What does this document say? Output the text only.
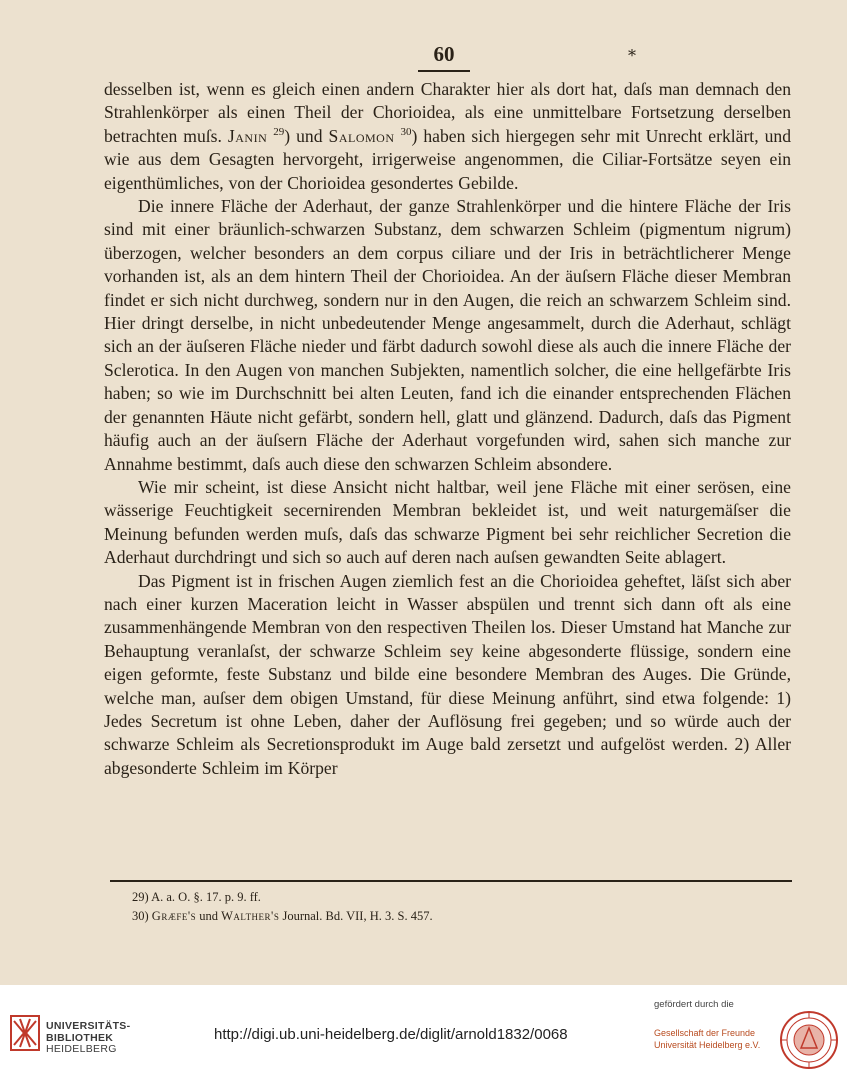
60	*

desselben ist, wenn es gleich einen andern Charakter hier als dort hat, daſs man demnach den Strahlenkörper als einen Theil der Chorioidea, als eine unmittelbare Fortsetzung derselben betrachten muſs. Janin $^{29}$) und Salomon $^{30}$) haben sich hiergegen sehr mit Unrecht erklärt, und wie aus dem Gesagten hervorgeht, irrigerweise angenommen, die Ciliar-Fortsätze seyen ein eigenthümliches, von der Chorioidea gesondertes Gebilde.

Die innere Fläche der Aderhaut, der ganze Strahlenkörper und die hintere Fläche der Iris sind mit einer bräunlich-schwarzen Substanz, dem schwarzen Schleim (pigmentum nigrum) überzogen, welcher besonders an dem corpus ciliare und der Iris in beträchtlicherer Menge vorhanden ist, als an dem hintern Theil der Chorioidea. An der äuſsern Fläche dieser Membran findet er sich nicht durchweg, sondern nur in den Augen, die reich an schwarzem Schleim sind. Hier dringt derselbe, in nicht unbedeutender Menge angesammelt, durch die Aderhaut, schlägt sich an der äuſseren Fläche nieder und färbt dadurch sowohl diese als auch die innere Fläche der Sclerotica. In den Augen von manchen Subjekten, namentlich solcher, die eine hellgefärbte Iris haben; so wie im Durchschnitt bei alten Leuten, fand ich die einander entsprechenden Flächen der genannten Häute nicht gefärbt, sondern hell, glatt und glänzend. Dadurch, daſs das Pigment häufig auch an der äuſsern Fläche der Aderhaut vorgefunden wird, sahen sich manche zur Annahme bestimmt, daſs auch diese den schwarzen Schleim absondere.

Wie mir scheint, ist diese Ansicht nicht haltbar, weil jene Fläche mit einer serösen, eine wässerige Feuchtigkeit secernirenden Membran bekleidet ist, und weit naturgemäſser die Meinung befunden werden muſs, daſs das schwarze Pigment bei sehr reichlicher Secretion die Aderhaut durchdringt und sich so auch auf deren nach auſsen gewandten Seite ablagert.

Das Pigment ist in frischen Augen ziemlich fest an die Chorioidea geheftet, läſst sich aber nach einer kurzen Maceration leicht in Wasser abspülen und trennt sich dann oft als eine zusammenhängende Membran von den respectiven Theilen los. Dieser Umstand hat Manche zur Behauptung veranlaſst, der schwarze Schleim sey keine abgesonderte flüssige, sondern eine eigen geformte, feste Substanz und bilde eine besondere Membran des Auges. Die Gründe, welche man, auſser dem obigen Umstand, für diese Meinung anführt, sind etwa folgende: 1) Jedes Secretum ist ohne Leben, daher der Auflösung frei gegeben; und so würde auch der schwarze Schleim als Secretionsprodukt im Auge bald zersetzt und aufgelöst werden. 2) Aller abgesonderte Schleim im Körper

29) A. a. O. §. 17. p. 9. ff.
30) Græfe's und Walther's Journal. Bd. VII, H. 3. S. 457.
UNIVERSITÄTS-
BIBLIOTHEK
HEIDELBERG
http://digi.ub.uni-heidelberg.de/diglit/arnold1832/0068
gefördert durch die
Gesellschaft der Freunde
Universität Heidelberg e.V.
